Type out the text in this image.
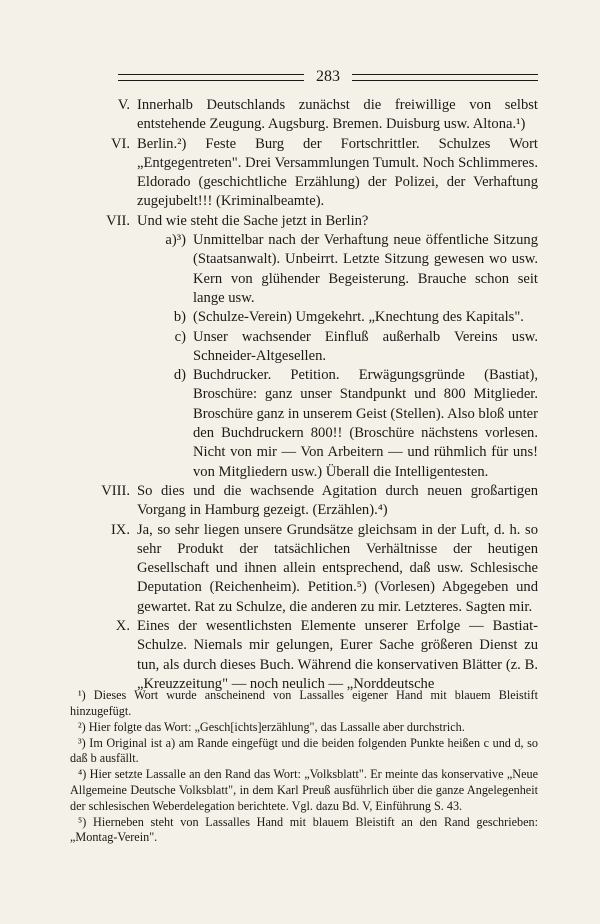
283
V. Innerhalb Deutschlands zunächst die freiwillige von selbst entstehende Zeugung. Augsburg. Bremen. Duisburg usw. Altona.¹)
VI. Berlin.²) Feste Burg der Fortschrittler. Schulzes Wort „Entgegentreten". Drei Versammlungen Tumult. Noch Schlimmeres. Eldorado (geschichtliche Erzählung) der Polizei, der Verhaftung zugejubelt!!! (Kriminalbeamte).
VII. Und wie steht die Sache jetzt in Berlin?
a)³) Unmittelbar nach der Verhaftung neue öffentliche Sitzung (Staatsanwalt). Unbeirrt. Letzte Sitzung gewesen wo usw. Kern von glühender Begeisterung. Brauche schon seit lange usw.
b) (Schulze-Verein) Umgekehrt. „Knechtung des Kapitals".
c) Unser wachsender Einfluß außerhalb Vereins usw. Schneider-Altgesellen.
d) Buchdrucker. Petition. Erwägungsgründe (Bastiat), Broschüre: ganz unser Standpunkt und 800 Mitglieder. Broschüre ganz in unserem Geist (Stellen). Also bloß unter den Buchdruckern 800!! (Broschüre nächstens vorlesen. Nicht von mir — Von Arbeitern — und rühmlich für uns! von Mitgliedern usw.) Überall die Intelligentesten.
VIII. So dies und die wachsende Agitation durch neuen großartigen Vorgang in Hamburg gezeigt. (Erzählen).⁴)
IX. Ja, so sehr liegen unsere Grundsätze gleichsam in der Luft, d. h. so sehr Produkt der tatsächlichen Verhältnisse der heutigen Gesellschaft und ihnen allein entsprechend, daß usw. Schlesische Deputation (Reichenheim). Petition.⁵) (Vorlesen) Abgegeben und gewartet. Rat zu Schulze, die anderen zu mir. Letzteres. Sagten mir.
X. Eines der wesentlichsten Elemente unserer Erfolge — Bastiat-Schulze. Niemals mir gelungen, Eurer Sache größeren Dienst zu tun, als durch dieses Buch. Während die konservativen Blätter (z. B. „Kreuzzeitung" — noch neulich — „Norddeutsche
¹) Dieses Wort wurde anscheinend von Lassalles eigener Hand mit blauem Bleistift hinzugefügt.
²) Hier folgte das Wort: „Gesch[ichts]erzählung", das Lassalle aber durchstrich.
³) Im Original ist a) am Rande eingefügt und die beiden folgenden Punkte heißen c und d, so daß b ausfällt.
⁴) Hier setzte Lassalle an den Rand das Wort: „Volksblatt". Er meinte das konservative „Neue Allgemeine Deutsche Volksblatt", in dem Karl Preuß ausführlich über die ganze Angelegenheit der schlesischen Weberdelegation berichtete. Vgl. dazu Bd. V, Einführung S. 43.
⁵) Hierneben steht von Lassalles Hand mit blauem Bleistift an den Rand geschrieben: „Montag-Verein".
